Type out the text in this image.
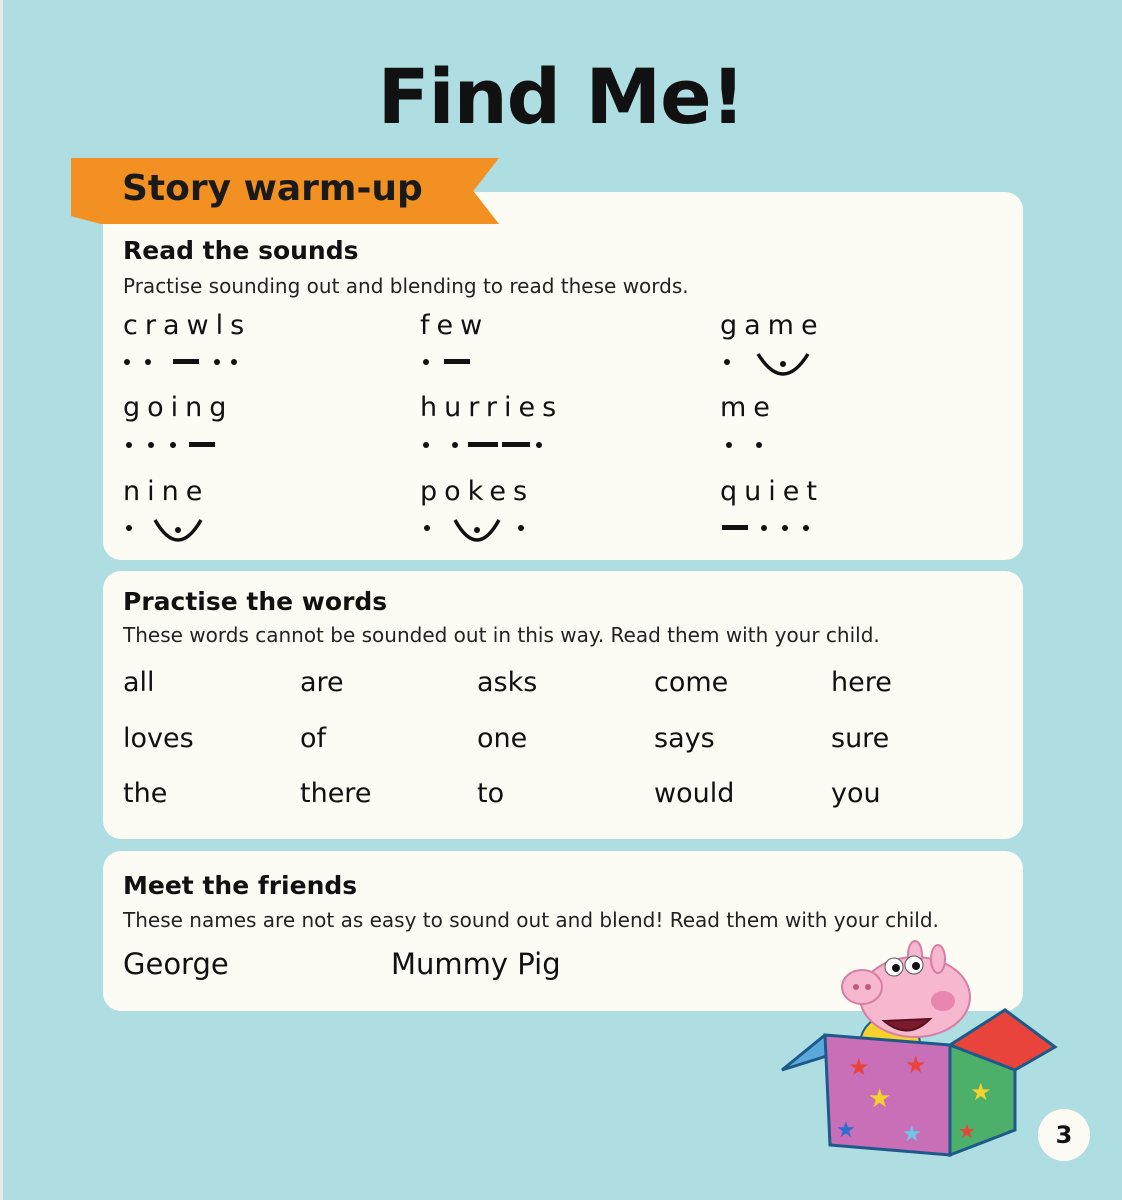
Find Me!
Read the sounds
Practise sounding out and blending to read these words.
crawls	few	game
going	hurries	me
nine	pokes	quiet
Story warm-up
Practise the words
These words cannot be sounded out in this way. Read them with your child.
all	are	asks	come	here
loves	of	one	says	sure
the	there	to	would	you
Meet the friends
These names are not as easy to sound out and blend! Read them with your child.
George	Mummy Pig
★ ★
★
★ ★
★
★	3
